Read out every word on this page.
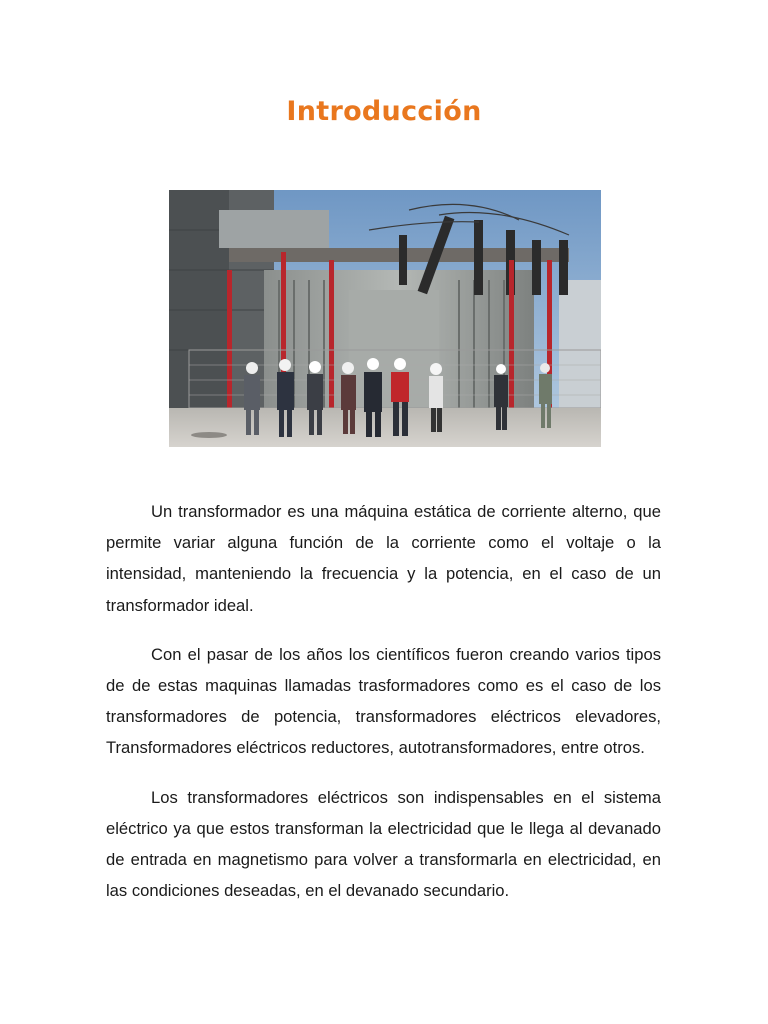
Introducción

Un transformador es una máquina estática de corriente alterno, que permite variar alguna función de la corriente como el voltaje o la intensidad, manteniendo la frecuencia y la potencia, en el caso de un transformador ideal.

Con el pasar de los años los científicos fueron creando varios tipos de de estas maquinas llamadas trasformadores como es el caso de los transformadores de potencia, transformadores eléctricos elevadores, Transformadores eléctricos reductores, autotransformadores, entre otros.

Los transformadores eléctricos son indispensables en el sistema eléctrico ya que estos transforman la electricidad que le llega al devanado de entrada en magnetismo para volver a transformarla en electricidad, en las condiciones deseadas, en el devanado secundario.
